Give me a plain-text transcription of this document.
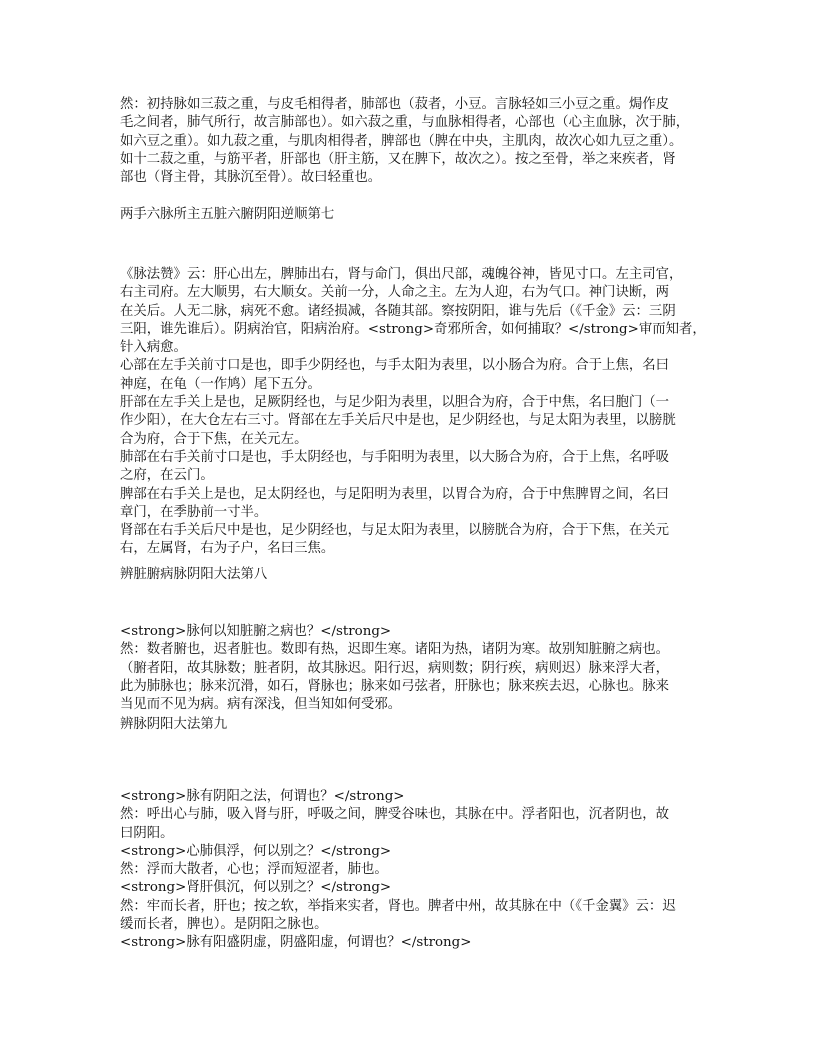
然：初持脉如三菽之重，与皮毛相得者，肺部也（菽者，小豆。言脉轻如三小豆之重。焗作皮
毛之间者，肺气所行，故言肺部也）。如六菽之重，与血脉相得者，心部也（心主血脉，次于肺，
如六豆之重）。如九菽之重，与肌肉相得者，脾部也（脾在中央，主肌肉，故次心如九豆之重）。
如十二菽之重，与筋平者，肝部也（肝主筋，又在脾下，故次之）。按之至骨，举之来疾者，肾
部也（肾主骨，其脉沉至骨）。故曰轻重也。
两手六脉所主五脏六腑阴阳逆顺第七
《脉法赞》云：肝心出左，脾肺出右，肾与命门，俱出尺部，魂魄谷神，皆见寸口。左主司官，
右主司府。左大顺男，右大顺女。关前一分，人命之主。左为人迎，右为气口。神门诀断，两
在关后。人无二脉，病死不愈。诸经损减，各随其部。察按阴阳，谁与先后（《千金》云：三阴
三阳，谁先谁后）。阴病治官，阳病治府。<strong>奇邪所舍，如何捕取？</strong>审而知者，
针入病愈。
心部在左手关前寸口是也，即手少阴经也，与手太阳为表里，以小肠合为府。合于上焦，名曰
神庭，在龟（一作鸠）尾下五分。
肝部在左手关上是也，足厥阴经也，与足少阳为表里，以胆合为府，合于中焦，名曰胞门（一
作少阳），在大仓左右三寸。肾部在左手关后尺中是也，足少阴经也，与足太阳为表里，以膀胱
合为府，合于下焦，在关元左。
肺部在右手关前寸口是也，手太阴经也，与手阳明为表里，以大肠合为府，合于上焦，名呼吸
之府，在云门。
脾部在右手关上是也，足太阴经也，与足阳明为表里，以胃合为府，合于中焦脾胃之间，名曰
章门，在季胁前一寸半。
肾部在右手关后尺中是也，足少阴经也，与足太阳为表里，以膀胱合为府，合于下焦，在关元
右，左属肾，右为子户，名曰三焦。
辨脏腑病脉阴阳大法第八
<strong>脉何以知脏腑之病也？</strong>
然：数者腑也，迟者脏也。数即有热，迟即生寒。诸阳为热，诸阴为寒。故别知脏腑之病也。
（腑者阳，故其脉数；脏者阴，故其脉迟。阳行迟，病则数；阴行疾，病则迟）脉来浮大者，
此为肺脉也；脉来沉滑，如石，肾脉也；脉来如弓弦者，肝脉也；脉来疾去迟，心脉也。脉来
当见而不见为病。病有深浅，但当知如何受邪。
辨脉阴阳大法第九
<strong>脉有阴阳之法，何谓也？</strong>
然：呼出心与肺，吸入肾与肝，呼吸之间，脾受谷味也，其脉在中。浮者阳也，沉者阴也，故
曰阴阳。
<strong>心肺俱浮，何以别之？</strong>
然：浮而大散者，心也；浮而短涩者，肺也。
<strong>肾肝俱沉，何以别之？</strong>
然：牢而长者，肝也；按之软，举指来实者，肾也。脾者中州，故其脉在中（《千金翼》云：迟
缓而长者，脾也）。是阴阳之脉也。
<strong>脉有阳盛阴虚，阴盛阳虚，何谓也？</strong>
